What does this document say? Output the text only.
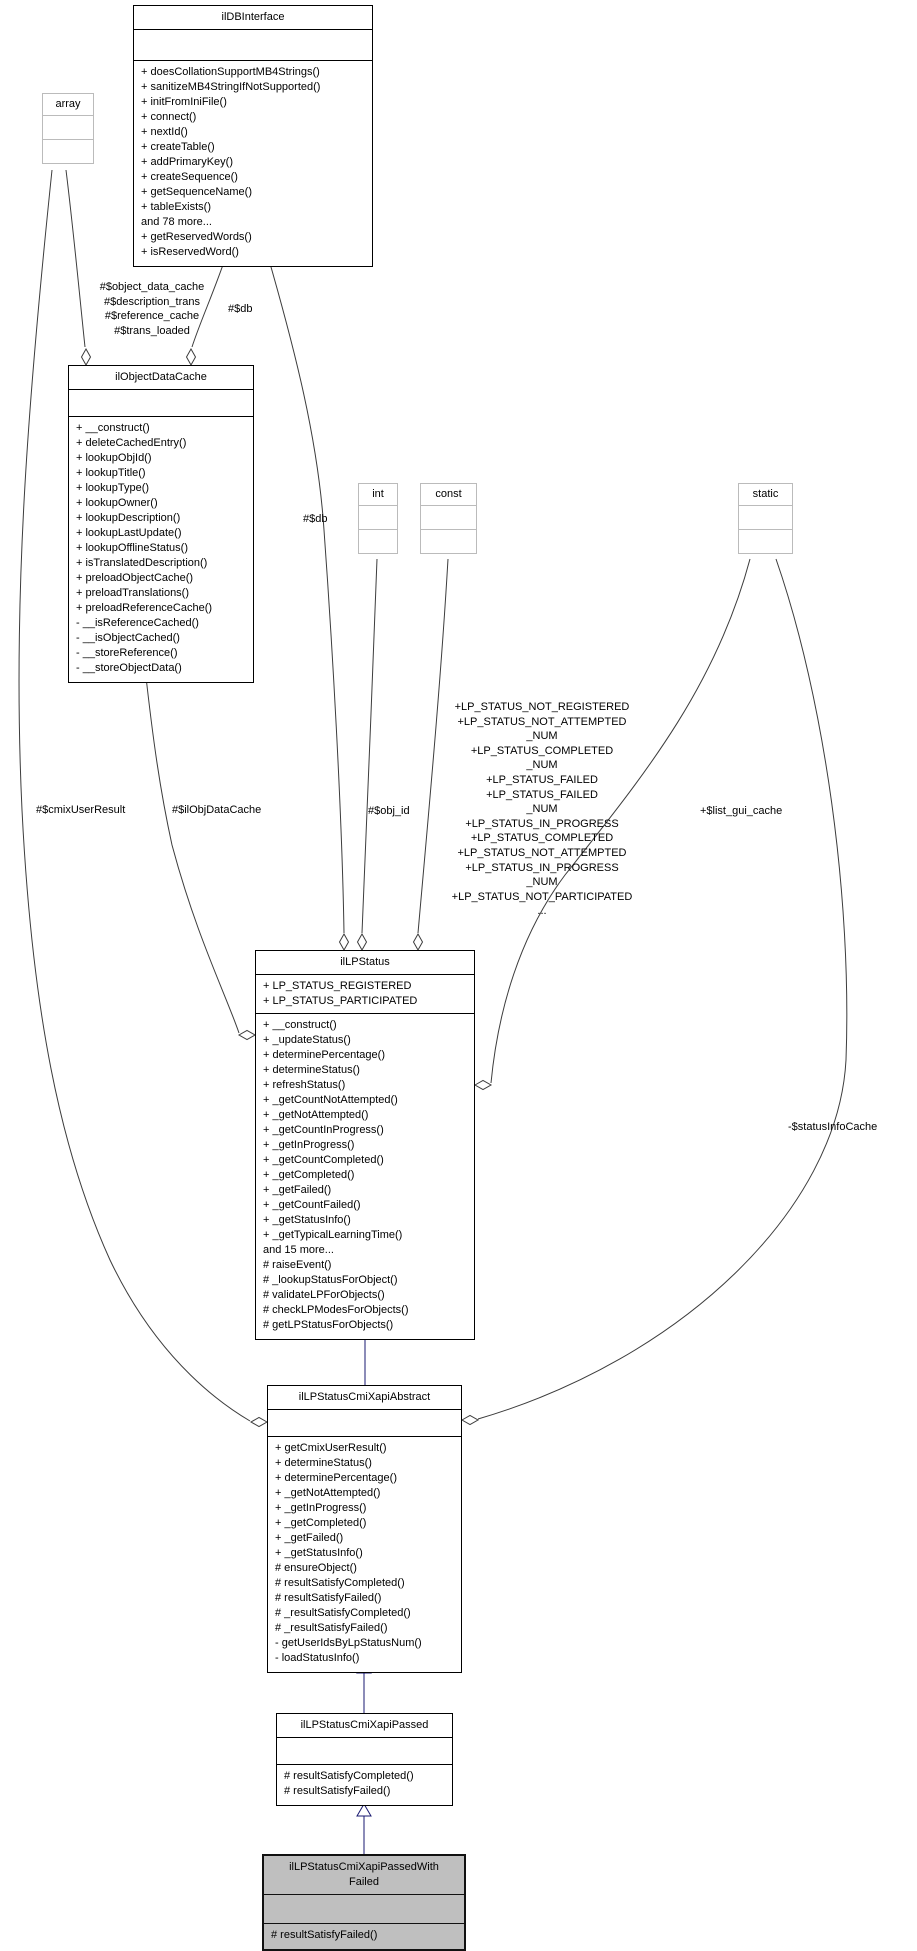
ilDBInterface
+ doesCollationSupportMB4Strings()
+ sanitizeMB4StringIfNotSupported()
+ initFromIniFile()
+ connect()
+ nextId()
+ createTable()
+ addPrimaryKey()
+ createSequence()
+ getSequenceName()
+ tableExists()
and 78 more...
+ getReservedWords()
+ isReservedWord()
array
ilObjectDataCache
+ __construct()
+ deleteCachedEntry()
+ lookupObjId()
+ lookupTitle()
+ lookupType()
+ lookupOwner()
+ lookupDescription()
+ lookupLastUpdate()
+ lookupOfflineStatus()
+ isTranslatedDescription()
+ preloadObjectCache()
+ preloadTranslations()
+ preloadReferenceCache()
- __isReferenceCached()
- __isObjectCached()
- __storeReference()
- __storeObjectData()
int	const	static
ilLPStatus
+ LP_STATUS_REGISTERED
+ LP_STATUS_PARTICIPATED
+ __construct()
+ _updateStatus()
+ determinePercentage()
+ determineStatus()
+ refreshStatus()
+ _getCountNotAttempted()
+ _getNotAttempted()
+ _getCountInProgress()
+ _getInProgress()
+ _getCountCompleted()
+ _getCompleted()
+ _getFailed()
+ _getCountFailed()
+ _getStatusInfo()
+ _getTypicalLearningTime()
and 15 more...
# raiseEvent()
# _lookupStatusForObject()
# validateLPForObjects()
# checkLPModesForObjects()
# getLPStatusForObjects()
ilLPStatusCmiXapiAbstract
+ getCmixUserResult()
+ determineStatus()
+ determinePercentage()
+ _getNotAttempted()
+ _getInProgress()
+ _getCompleted()
+ _getFailed()
+ _getStatusInfo()
# ensureObject()
# resultSatisfyCompleted()
# resultSatisfyFailed()
# _resultSatisfyCompleted()
# _resultSatisfyFailed()
- getUserIdsByLpStatusNum()
- loadStatusInfo()
ilLPStatusCmiXapiPassed
# resultSatisfyCompleted()
# resultSatisfyFailed()
ilLPStatusCmiXapiPassedWith
Failed
# resultSatisfyFailed()
#$object_data_cache
#$description_trans
#$reference_cache
#$trans_loaded
#$db
#$db
#$cmixUserResult	#$ilObjDataCache	#$obj_id	+$list_gui_cache
-$statusInfoCache
+LP_STATUS_NOT_REGISTERED
+LP_STATUS_NOT_ATTEMPTED
_NUM
+LP_STATUS_COMPLETED
_NUM
+LP_STATUS_FAILED
+LP_STATUS_FAILED
_NUM
+LP_STATUS_IN_PROGRESS
+LP_STATUS_COMPLETED
+LP_STATUS_NOT_ATTEMPTED
+LP_STATUS_IN_PROGRESS
_NUM
+LP_STATUS_NOT_PARTICIPATED
...
